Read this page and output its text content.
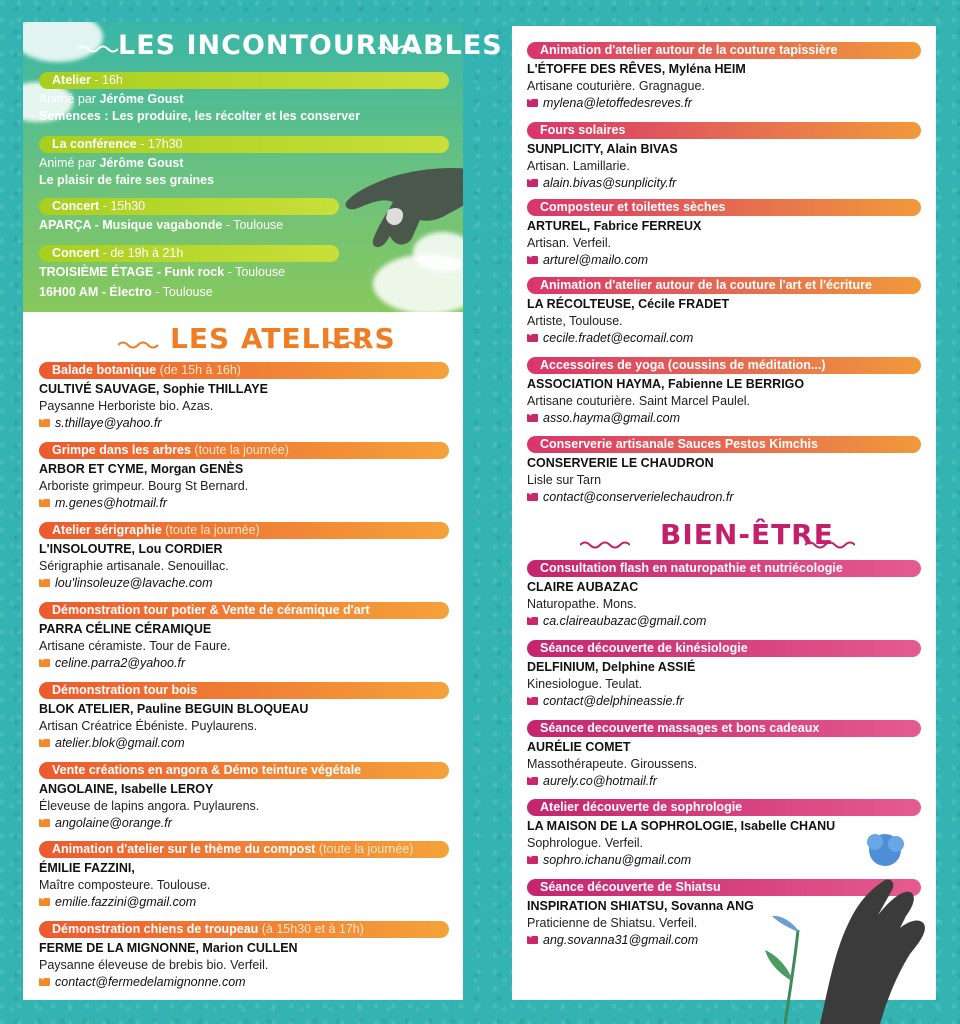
LES INCONTOURNABLES
Atelier - 16h
Animé par Jérôme Goust
Semences : Les produire, les récolter et les conserver
La conférence - 17h30
Animé par Jérôme Goust
Le plaisir de faire ses graines
Concert - 15h30
APARÇA - Musique vagabonde - Toulouse
Concert - de 19h à 21h
TROISIÈME ÉTAGE - Funk rock - Toulouse
16H00 AM - Électro - Toulouse
LES ATELIERS
Balade botanique (de 15h à 16h)
CULTIVÉ SAUVAGE, Sophie THILLAYE
Paysanne Herboriste bio. Azas.
s.thillaye@yahoo.fr
Grimpe dans les arbres (toute la journée)
ARBOR ET CYME, Morgan GENÈS
Arboriste grimpeur. Bourg St Bernard.
m.genes@hotmail.fr
Atelier sérigraphie (toute la journée)
L'INSOLOUTRE, Lou CORDIER
Sérigraphie artisanale. Senouillac.
lou'linsoleuze@lavache.com
Démonstration tour potier & Vente de céramique d'art
PARRA CÉLINE CÉRAMIQUE
Artisane céramiste. Tour de Faure.
celine.parra2@yahoo.fr
Démonstration tour bois
BLOK ATELIER, Pauline BEGUIN BLOQUEAU
Artisan Créatrice Ébéniste. Puylaurens.
atelier.blok@gmail.com
Vente créations en angora & Démo teinture végétale
ANGOLAINE, Isabelle LEROY
Éleveuse de lapins angora. Puylaurens.
angolaine@orange.fr
Animation d'atelier sur le thème du compost (toute la journée)
ÉMILIE FAZZINI,
Maître composteure. Toulouse.
emilie.fazzini@gmail.com
Démonstration chiens de troupeau (à 15h30 et à 17h)
FERME DE LA MIGNONNE, Marion CULLEN
Paysanne éleveuse de brebis bio. Verfeil.
contact@fermedelamignonne.com
Animation d'atelier autour de la couture tapissière
L'ÉTOFFE DES RÊVES, Myléna HEIM
Artisane couturière. Gragnague.
mylena@letoffedesreves.fr
Fours solaires
SUNPLICITY, Alain BIVAS
Artisan. Lamillarie.
alain.bivas@sunplicity.fr
Composteur et toilettes sèches
ARTUREL, Fabrice FERREUX
Artisan. Verfeil.
arturel@mailo.com
Animation d'atelier autour de la couture l'art et l'écriture
LA RÉCOLTEUSE, Cécile FRADET
Artiste, Toulouse.
cecile.fradet@ecomail.com
Accessoires de yoga (coussins de méditation...)
ASSOCIATION HAYMA, Fabienne LE BERRIGO
Artisane couturière. Saint Marcel Paulel.
asso.hayma@gmail.com
Conserverie artisanale Sauces Pestos Kimchis
CONSERVERIE LE CHAUDRON
Lisle sur Tarn
contact@conserverielechaudron.fr
BIEN-ÊTRE
Consultation flash en naturopathie et nutriécologie
CLAIRE AUBAZAC
Naturopathe. Mons.
ca.claireaubazac@gmail.com
Séance découverte de kinésiologie
DELFINIUM, Delphine ASSIÉ
Kinesiologue. Teulat.
contact@delphineassie.fr
Séance decouverte massages et bons cadeaux
AURÉLIE COMET
Massothérapeute. Giroussens.
aurely.co@hotmail.fr
Atelier découverte de sophrologie
LA MAISON DE LA SOPHROLOGIE, Isabelle CHANU
Sophrologue. Verfeil.
sophro.ichanu@gmail.com
Séance découverte de Shiatsu
INSPIRATION SHIATSU, Sovanna ANG
Praticienne de Shiatsu. Verfeil.
ang.sovanna31@gmail.com
